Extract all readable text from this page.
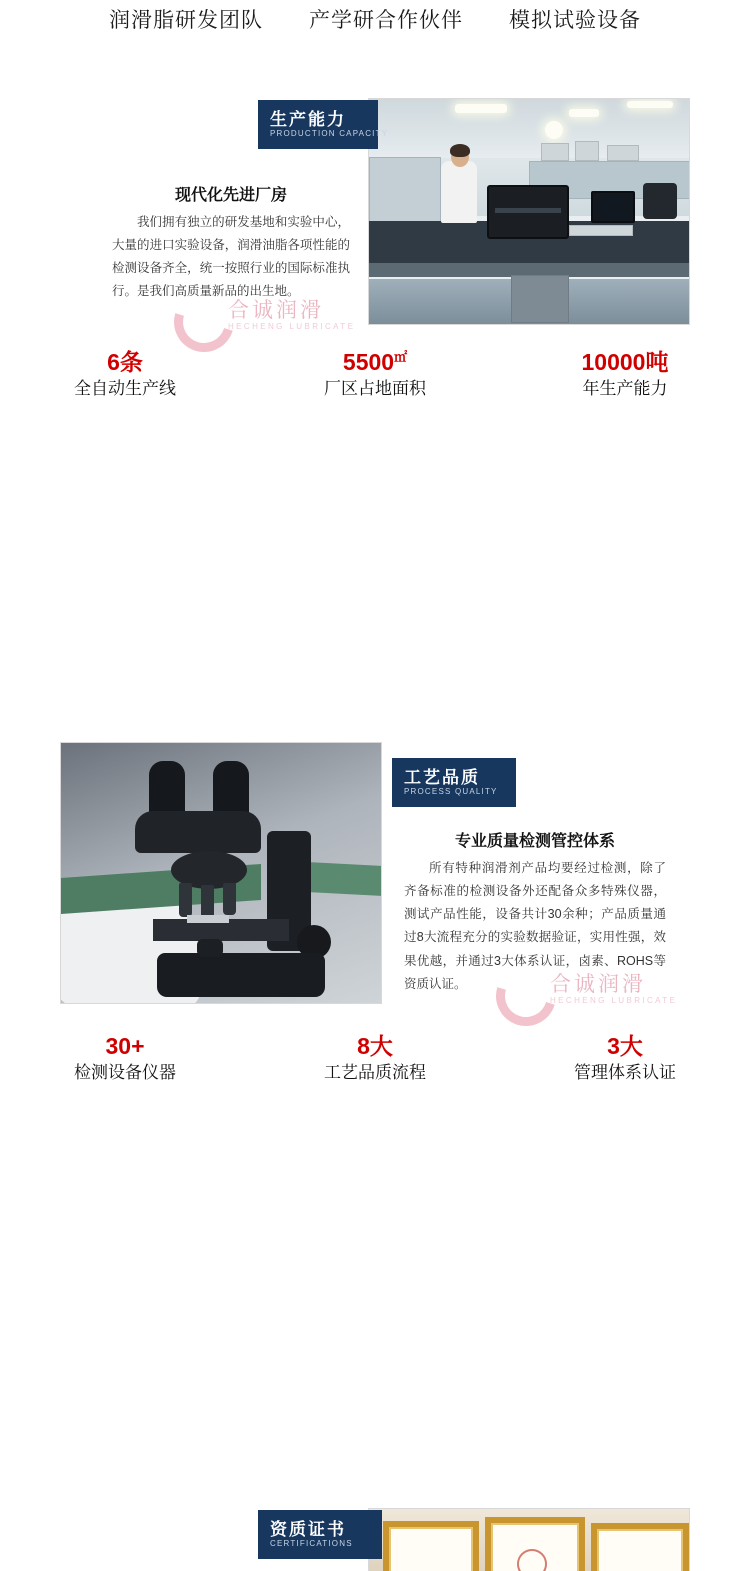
润滑脂研发团队 产学研合作伙伴 模拟试验设备
生产能力
PRODUCTION CAPACITY
现代化先进厂房
我们拥有独立的研发基地和实验中心，大量的进口实验设备，润滑油脂各项性能的检测设备齐全，统一按照行业的国际标准执行。是我们高质量新品的出生地。
合诚润滑
HECHENG LUBRICATE
6条
全自动生产线
5500㎡
厂区占地面积
10000吨
年生产能力
工艺品质
PROCESS QUALITY
专业质量检测管控体系
所有特种润滑剂产品均要经过检测，除了齐备标准的检测设备外还配备众多特殊仪器，测试产品性能，设备共计30余种；产品质量通过8大流程充分的实验数据验证，实用性强，效果优越，并通过3大体系认证，卤素、ROHS等资质认证。	合诚润滑
HECHENG LUBRICATE
30+
检测设备仪器
8大
工艺品质流程
3大
管理体系认证
资质证书
CERTIFICATIONS
